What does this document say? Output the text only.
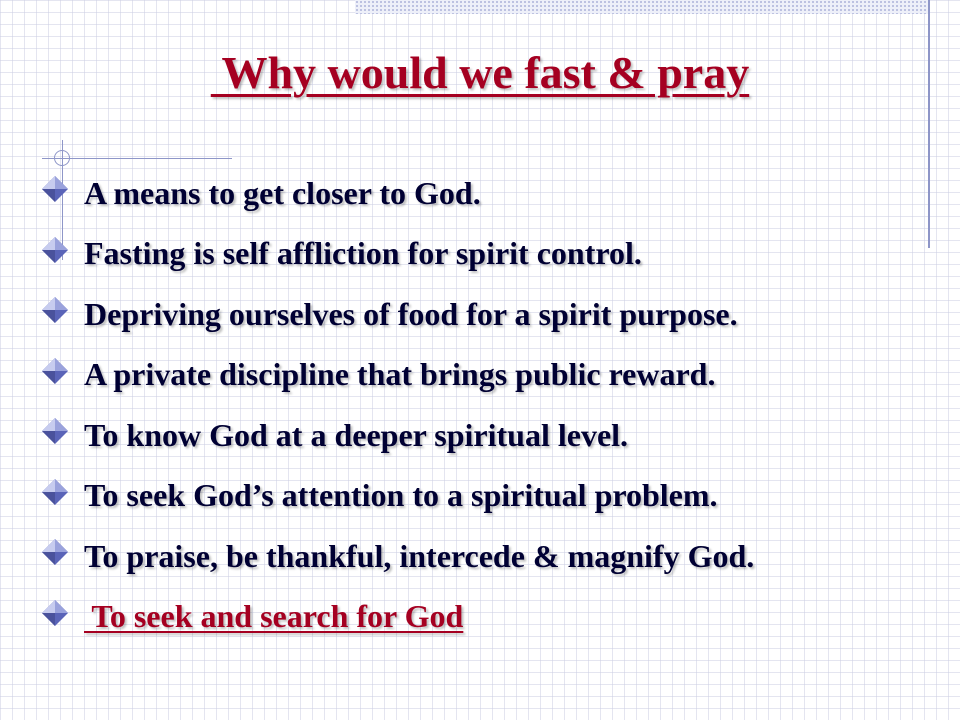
Why would we fast & pray
A means to get closer to God.
Fasting is self affliction for spirit control.
Depriving ourselves of food for a spirit purpose.
A private discipline that brings public reward.
To know God at a deeper spiritual level.
To seek God’s attention to a spiritual problem.
To praise, be thankful, intercede & magnify God.
To seek and search for God
